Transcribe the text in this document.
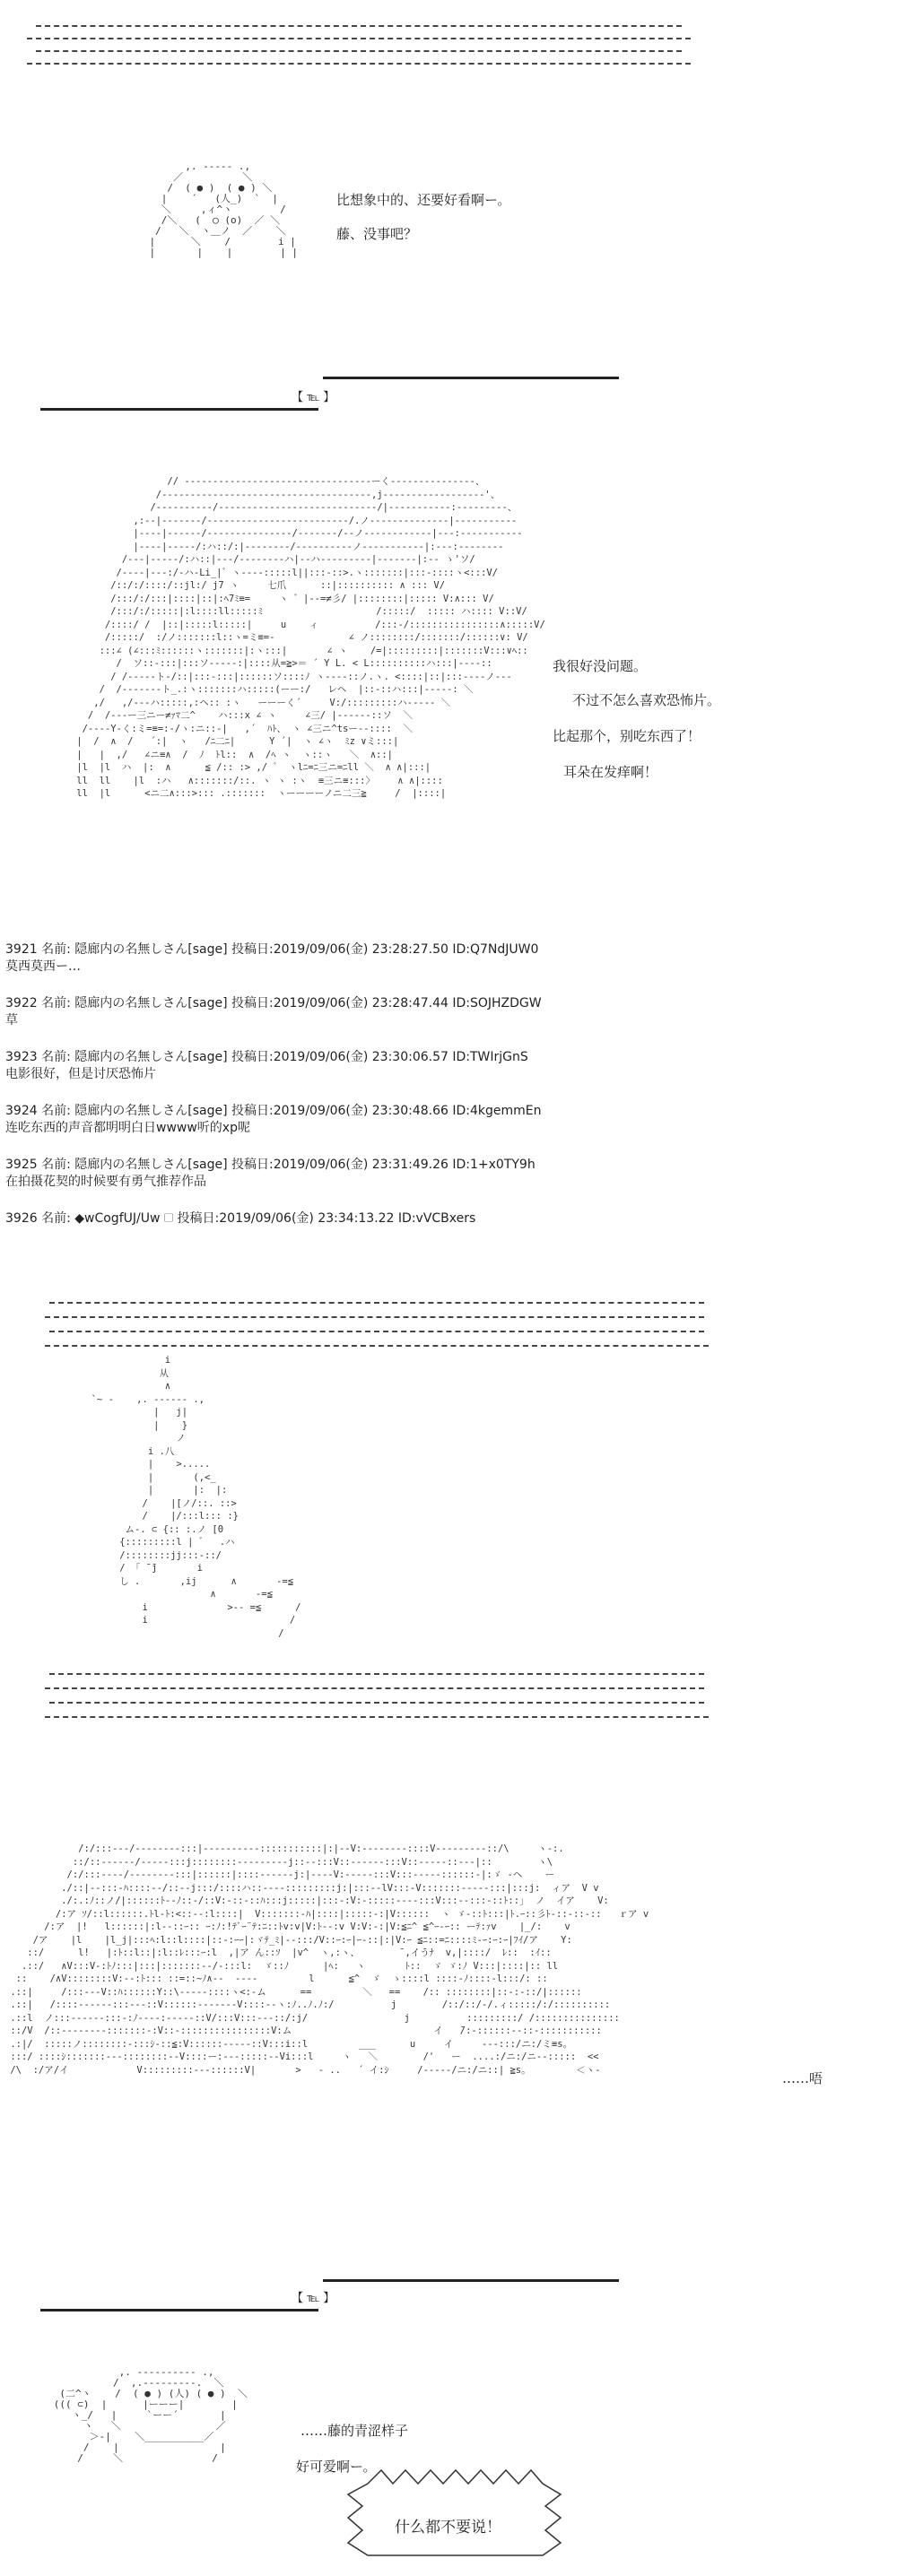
,. ----- .,
／          ＼
/  ( ● )  ( ● ) ＼
|    ´   (人_)  `  |
＼     ,ィ^ヽ        /
/＼   (  ◯ (o)  ／ ＼
/   ＼  ヽ＿ノ  ／    ＼
|      ＼    /        i |
|       |    |        | |

比想象中的、还要好看啊ー。
藤、没事吧？
【 ℡ 】
// ---------------------------------ーく---------------、
/-------------------------------------,j------------------'、
/----------/----------------------------/|-----------:---------、
,:--|-------/-------------------------/.ノ--------------|-----------
|----|------/---------------/-------/--ノ------------|---:-----------
|----|-----/:ハ::/:|--------/----------ノ-----------|:---:--------
/---|-----/:ハ::|---/--------ハ|--ハ---------|-------|:-- ゝ'ソ/
/----|---:/-ハ-Li_|゛ヽ----:::::l||:::-::>.ヽ:::::::|:::-::::ヽ<:::V/
/::/:/::::/::jl:/ j7 ヽ     七爪      ::|:::::::::: ∧ ::: V/
/:::/:/:::|::::|::|:ﾍ7ﾐ≡=     ヽ ゛|--=≠彡/ |::::::::|::::: V:∧::: V/
/:::/:/:::::|:l::::ll:::::ﾐ                    /:::::/  ::::: ハ:::: V::V/
/::::/ /  |::|:::::l:::::|     u    ィ          /:::-/::::::::::::::::∧:::::V/
/:::::/  :/ノ:::::::l::ヽ=ミ≡=-             ∠ ノ::::::::/:::::::/::::::∨: V/
:::∠ (∠:::ﾐ::::::ヽ:::::::|:ヽ:::|       ∠ ヽ    /=|:::::::::|:::::::V:::∨ﾍ::
/  ソ::-:::|:::ソ-----:|::::从=≧>＝ ´ Y L. < L::::::::::ハ:::|----::
/ /-----ト-/::|:::-:::|::::::ソ::::ﾉ ヽ----::ノ.ヽ. <::::|::|:::----ノ---
/  /-------ト_.:ヽ:::::::ハ:::::(ーー:/   レヘ  |::-::ハ:::|-----: ＼
,/   ,/---ハ:::::,:ヘ:: :ヽ   ーーーく´     V:/:::::::::ハ----- ＼
/  /---ー三ニー≠ｧﾏ二^    ハ:::x ∠ ヽ     ∠三/ |------::ソ  ＼
/----Y-く:ミ=≡=:-/ヽ:ニ::-|   ,´  ﾊﾄ、 ヽ ∠三ニ^tsー--::::  ＼
|  /  ∧  /   ´:|  ヽ   /ﾆ二ﾆ|      Y ´|  ヽ ∠ヽ  ﾐz ∨ミ:::|
|   |  ,/   ∠ニ≡∧  /  ﾉ  ﾄl::  ∧  /ﾍ ヽ  ヽ::ヽ   ＼  ∧::|
|l  |l  ハ  |:  ∧      ≦ /:: :> ,/ ゛ ヽlﾆ=ﾆ三ニ=ﾆll ＼  ∧ ∧|:::|
ll  ll    |l  :ハ   ∧:::::::/::. ヽ ヽ :ヽ  ≡三ニ≡:::〉    ∧ ∧|::::
ll  |l      <ニ二∧:::>::: .:::::::  ヽーーーーノニ二三≧     /  |::::|

我很好没问题。
不过不怎么喜欢恐怖片。
比起那个，别吃东西了！
耳朵在发痒啊！
3921 名前: 隠廊内の名無しさん[sage] 投稿日:2019/09/06(金) 23:28:27.50 ID:Q7NdJUW0
莫西莫西ー…
3922 名前: 隠廊内の名無しさん[sage] 投稿日:2019/09/06(金) 23:28:47.44 ID:SOJHZDGW
草
3923 名前: 隠廊内の名無しさん[sage] 投稿日:2019/09/06(金) 23:30:06.57 ID:TWIrjGnS
电影很好，但是讨厌恐怖片
3924 名前: 隠廊内の名無しさん[sage] 投稿日:2019/09/06(金) 23:30:48.66 ID:4kgemmEn
连吃东西的声音都明明白日wwww听的xp呢
3925 名前: 隠廊内の名無しさん[sage] 投稿日:2019/09/06(金) 23:31:49.26 ID:1+x0TY9h
在拍摄花契的时候要有勇气推荐作品
3926 名前: ◆wCogfUJ/Uw 🗆 投稿日:2019/09/06(金) 23:34:13.22 ID:vVCBxers
i
从
∧
`~ -    ,. ------ .,
|   j|
|    }
ノ
i .八
|    >.....
|       (,<_
|       |:  |:
/    |[ノ/::. ::>
/    |/:::l::: :}
ム-. ⊂ {:: :.ノ [0
{:::::::::l | ゛  .ハ
/::::::::jj:::-::/
/ 「 ̄ ̄j       i
し .       ,ij      ∧       -=≦
∧       -=≦
i              >-- =≦      /
i                         /
/

/:/:::---/--------:::|----------:::::::::::|:|--V:--------::::V---------::/\     ヽ-:.
::/::------/-----:::j::::::::---------j::--:::V::------:::V::-----::---|::        ヽ\
/:/:::----/--------:::|::::::|::::------j:|----V:-----:::V:::-----::::::-|:ゞ -ヘ    ー
./::|--:::-ﾊ::::--/::--j:::/::::ハ::----:::::::::j:|:::--lV:::-V:::::::-----:::|:::j:  ィア  V v
./:.:ﾉ::ノ/|::::::ﾄ--ﾉ::-/::V:-::-::ﾊ:::j:::::|:::-:V:-:::::----:::V:::--:::-::ﾄ::｣  ノ  イア    V:
/:ア ｿ/::l::::::.ﾄl-ﾄ:<::--:l::::|  V:::::::-ﾊ|::::|:::::-:|V::::::  ヽ ゞ-::ﾄ:::|ﾄ.ｰ::彡ﾄ-::-::-::   ｒア v
/:ア  |!   l::::::|:l--::ｰ:: ｰ:ﾉ:!ﾃﾞｰ¨ﾃ:ﾆ::ﾄv:v|V:ﾄ--:v V:V:-:|V:≦ﾆ^ ≦^ｰ-ｰ:: ーﾃ:ｧv    |_/:    v
/ア    |l    |l_j|:::ﾍ:l::l::::|::-:ｰｰ|:ヾﾃ_ﾐ|--:::/V::ｰ:ｰ|ｰ-::|:|V:ｰ ≦ﾆ::=ﾆ::::ﾐ-ｰ:ｰ:ｰ|ﾌｲ/ア    Y:
::/      l!   |:ﾄ::l::|:l::ﾚ:::ｰ:l  ,|ア ん::ｿ  |v^  ヽ,:ヽ、       ̄ ,イうﾅ  v,|::::/  ﾚ::  :ｲ::
.::/   ∧V:::V-:ﾄﾉ:::|:::|:::::::--/-:::l:  ゞ::ﾉ      |ﾍ:   ヽ       ﾄ::  ゞ ゞ:ﾉ V:::|::::|:: ll
::    /∧V::::::::V:--:ﾄ::: ::=::~ﾉ∧--  ----         l      ≦^  ゞ  ゝ::::l ::::-ﾉ::::-l:::/: ::
.::|     /:::---V::ﾊ::::::Y::\-----::::ヽ<:-ム      ==         ＼   ==    /:: ::::::::|::-:-::/|::::::
.::|   /::::------:::---::V::::::-------V::::--ヽ:ﾉ..ﾉ.ﾉ:/          j        /::/::/-/.ィ:::::/:/::::::::::
.::l  ノ:::------:::-:ﾉ----:-----::V/:::V:::---::/:j/                 j          :::::::::/ /:::::::::::::::
::/V  /::--------:::::::-:V::-::::::::::::::::V:ム                         イ   ̄/:-::::::--::-:::::::::::
.:|/  :::::ノ::::::::-:::ｼ-::≦:V::::::-----::V:::i::l         ___      u     イ     ---:::/ニ:/ミ≡s。
:::/ ::::ｼ:::::::---::::::::--V::::ー:---:::::--Vi:::l     ヽ   ＼        /'   ー  ....:/ニ:/ニ--:::::  <<
/\  :/ア/イ            V:::::::::---::::::V|       >   - ..   ´ イ:ｼ     /-----/ニ:/ニ::| ≧s。        ＜ヽ-

……唔
【 ℡ 】
,. ---------- .,
/  ,.---------.  ＼
(二^ヽ    /  ( ● ) (人) ( ● )  ＼
((( ⊂)  |      |ーーー|        |
ヽ_/   |     `ーー´       |
ヽ   ＼                ／
＞-|    ＼__________／
/    |                 |
/     ＼               /

……藤的青涩样子
好可爱啊ー。
什么都不要说！
